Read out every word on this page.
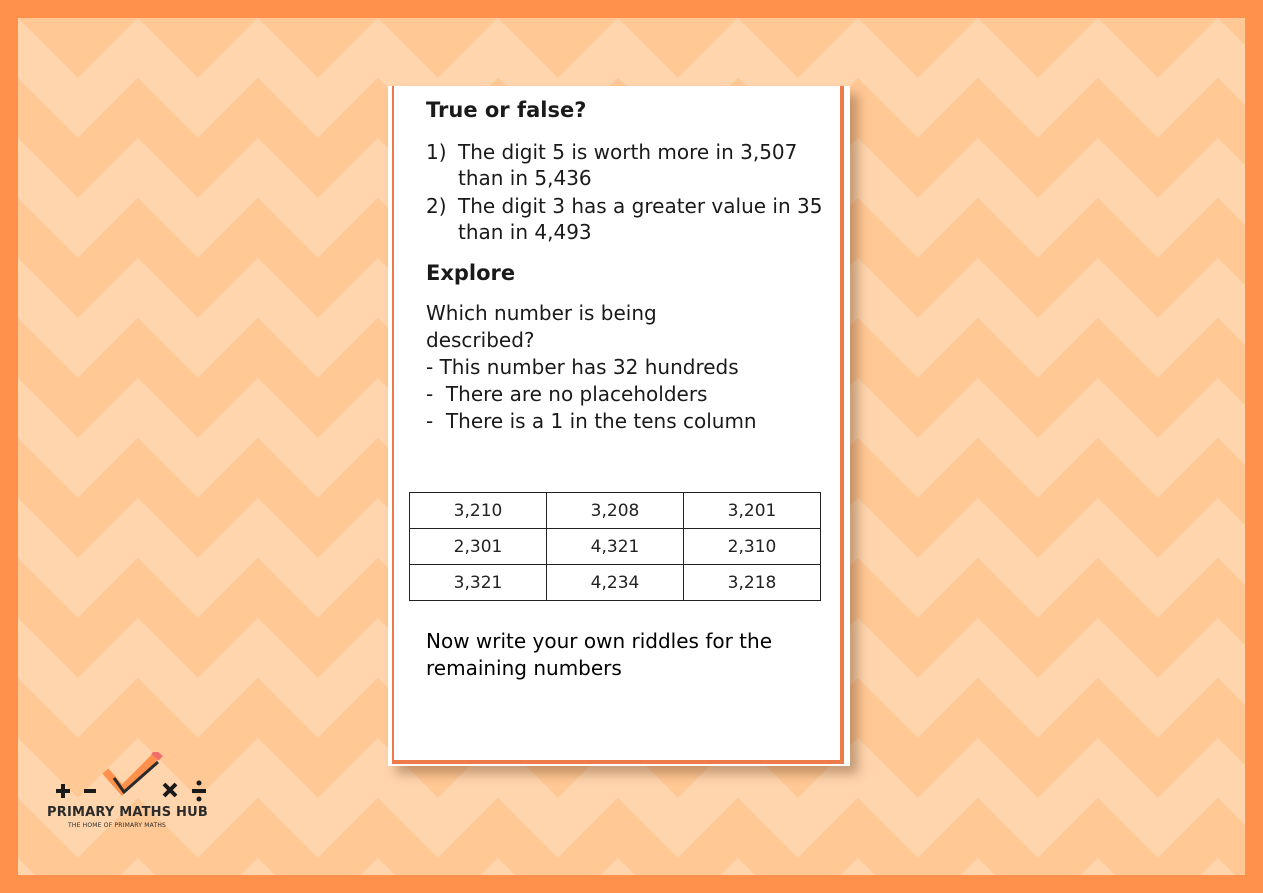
True or false?
1) The digit 5 is worth more in 3,507 than in 5,436
2) The digit 3 has a greater value in 35 than in 4,493
Explore

Which number is being described?

- This number has 32 hundreds

-  There are no placeholders

-  There is a 1 in the tens column

3,210	3,208	3,201
2,301	4,321	2,310
3,321	4,234	3,218

Now write your own riddles for the remaining numbers

PRIMARY MATHS HUB
THE HOME OF PRIMARY MATHS
